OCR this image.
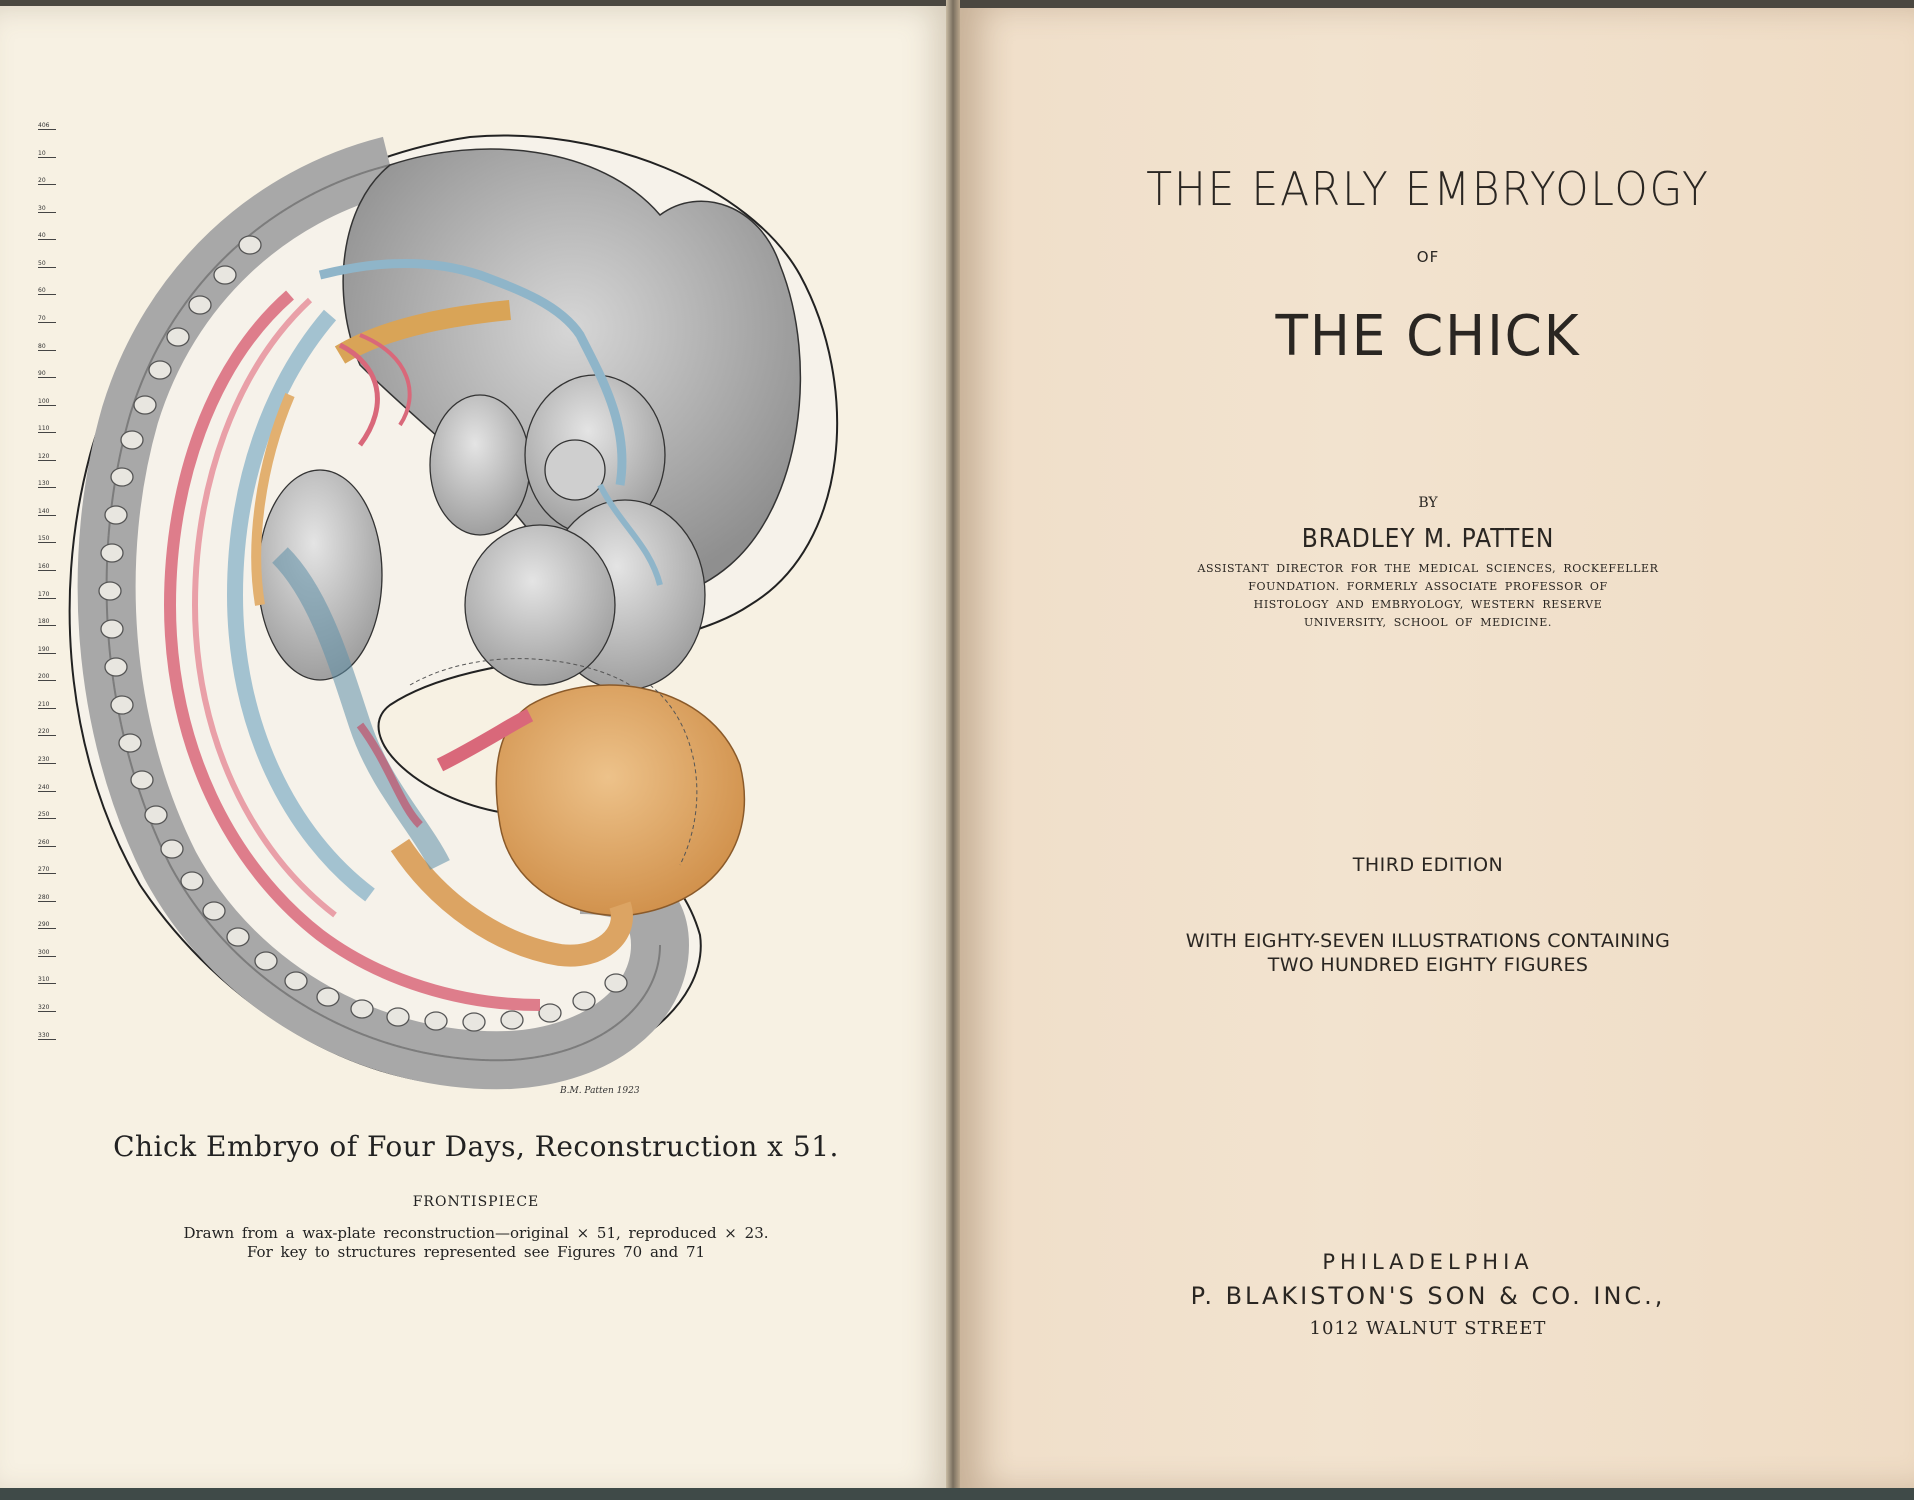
406
10
20
30
40
50
60
70
80
90
100
110
120
130
140
150
160
170
180
190
200
210
220
230
240
250
260
270
280
290
300
310
320
330
B.M. Patten 1923
Chick Embryo of Four Days, Reconstruction x 51.
FRONTISPIECE
Drawn from a wax-plate reconstruction—original × 51, reproduced × 23.
For key to structures represented see Figures 70 and 71
THE EARLY EMBRYOLOGY
OF
THE CHICK
BY
BRADLEY M. PATTEN
ASSISTANT DIRECTOR FOR THE MEDICAL SCIENCES, ROCKEFELLER
FOUNDATION. FORMERLY ASSOCIATE PROFESSOR OF
HISTOLOGY AND EMBRYOLOGY, WESTERN RESERVE
UNIVERSITY, SCHOOL OF MEDICINE.
THIRD EDITION
WITH EIGHTY-SEVEN ILLUSTRATIONS CONTAINING
TWO HUNDRED EIGHTY FIGURES
PHILADELPHIA
P. BLAKISTON'S SON & CO. INC.,
1012 WALNUT STREET
